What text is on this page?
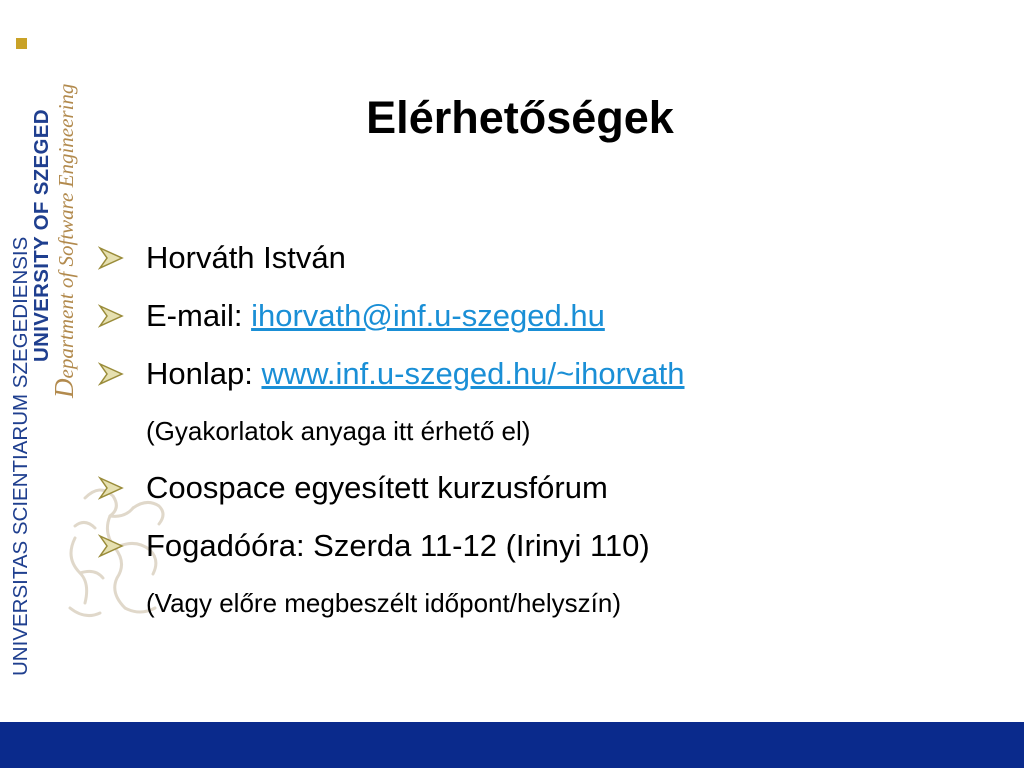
UNIVERSITAS SCIENTIARUM SZEGEDIENSIS
UNIVERSITY OF SZEGED
Department of Software Engineering	Elérhetőségek
Horváth István
E-mail: ihorvath@inf.u-szeged.hu
Honlap: www.inf.u-szeged.hu/~ihorvath
(Gyakorlatok anyaga itt érhető el)
Coospace egyesített kurzusfórum
Fogadóóra: Szerda 11-12 (Irinyi 110)
(Vagy előre megbeszélt időpont/helyszín)
